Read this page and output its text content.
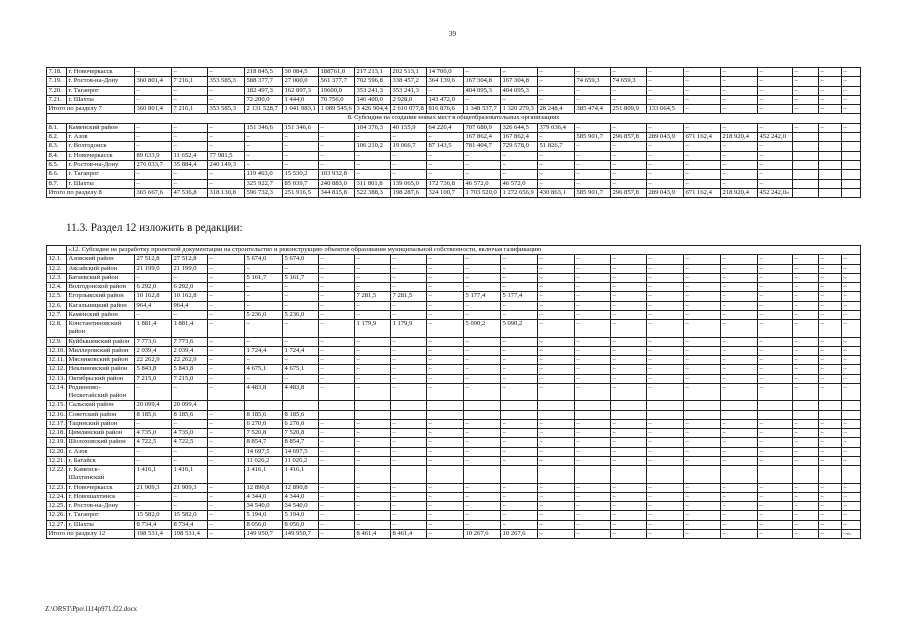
39
7.18.	г. Новочеркасск	–	–	–	218 845,5	30 084,5	188761,0	217 213,1	202 513,1	14 700,0	–	–	–	–	–	–	–	–	–	–	–	–
7.19.	г. Ростов-на-Дону	360 801,4	7 216,1	353 585,3	588 377,7	27 000,0	561 377,7	702 596,8	338 457,2	364 139,6	167 304,8	167 304,8	–	74 659,3	74 659,3	–	–	–	–	–	–	–
7.20.	г. Таганрог	–	–	–	182 497,3	162 897,3	19600,0	353 241,3	353 241,3	–	404 095,3	404 095,3	–	–	–	–	–	–	–	–	–	–
7.21.	г. Шахты	–	–	–	72 200,0	1 444,0	70 756,0	146 400,0	2 928,0	143 472,0	–	–	–	–	–	–	–	–	–	–	–	–
Итого по разделу 7		360 801,4	7 216,1	353 585,3	2 131 528,7	1 041 983,1	1 089 545,6	3 426 904,4	2 610 077,8	816 876,6	1 348 537,7	1 320 279,3	28 248,4	385 474,4	251 809,9	133 664,5	–	–	–	–	–	–
8. Субсидии на создание новых мест в общеобразовательных организациях																						
8.1.	Каменский район	–	–	–	151 346,6	151 346,6	–	104 376,3	40 155,9	64 220,4	707 680,9	326 644,5	379 036,4	–	–	–	–	–	–	–	–	–
8.2.	г. Азов	–	–	–	–	–	–	–	–	–	167 862,4	167 862,4	–	585 901,7	296 857,8	289 043,9	671 162,4	218 920,4	452 242,0			
8.3.	г. Волгодонск	–	–	–	–	–	–	106 210,2	19 066,7	87 143,5	781 404,7	729 578,0	51 826,7	–	–	–	–	–	–			
8.4.	г. Новочеркасск	89 633,9	11 652,4	77 981,5	–	–	–	–	–	–	–	–	–	–	–	–	–	–	–			
8.5.	г. Ростов-на-Дону	276 033,7	35 884,4	240 149,3	–	–	–	–	–	–	–	–	–	–	–	–	–	–	–			
8.6.	г. Таганрог	–	–	–	119 463,0	15 530,2	103 932,8	–	–	–	–	–	–	–	–	–	–	–	–			
8.7.	г. Шахты	–	–	–	325 922,7	85 039,7	240 883,0	311 801,8	139 065,0	172 736,8	46 572,0	46 572,0	–	–	–	–	–	–	–			
Итого по разделу 8		365 667,6	47 536,8	318 130,8	596 732,3	251 916,5	344 815,8	522 388,3	198 287,6	324 100,7	1 703 520,0	1 272 656,9	430 863,1	585 901,7	296 857,8	289 043,9	671 162,4	218 920,4	452 242,0»			
11.3. Раздел 12 изложить в редакции:
	«12. Субсидия на разработку проектной документации на строительство и реконструкцию объектов образования муниципальной собственности, включая газификацию																					
12.1.	Азовский район	27 512,8	27 512,8	–	5 674,0	5 674,0	–	–	–	–	–	–	–	–	–	–	–	–	–	–	–	–
12.2.	Аксайский район	21 199,0	21 199,0	–	–	–	–	–	–	–	–	–	–	–	–	–	–	–	–	–	–	–
12.3.	Багаевский район	–	–	–	5 161,7	5 161,7	–	–	–	–	–	–	–	–	–	–	–	–	–	–	–	–
12.4.	Волгодонской район	6 292,0	6 292,0	–	–	–	–	–	–	–	–	–	–	–	–	–	–	–	–	–	–	–
12.5.	Егорлыкский район	10 162,8	10 162,8	–	–	–	–	7 281,5	7 281,5	–	5 177,4	5 177,4	–	–	–	–	–	–	–	–	–	–
12.6.	Кагальницкий район	964,4	964,4	–	–	–	–	–	–	–	–	–	–	–	–	–	–	–	–	–	–	–
12.7.	Каменский район	–	–	–	5 236,0	5 236,0	–	–	–	–	–	–	–	–	–	–	–	–	–	–	–	–
12.8.	Константиновский район	1 881,4	1 881,4	–	–	–	–	1 179,9	1 179,9	–	5 090,2	5 090,2	–	–	–	–	–	–	–	–	–	–
12.9.	Куйбышевский район	7 773,6	7 773,6	–	–	–	–	–	–	–	–	–	–	–	–	–	–	–	–	–	–	–
12.10.	Миллеровский район	2 039,4	2 039,4	–	1 724,4	1 724,4	–	–	–	–	–	–	–	–	–	–	–	–	–	–	–	–
12.11.	Мясниковский район	22 262,9	22 262,9	–	–	–	–	–	–	–	–	–	–	–	–	–	–	–	–	–	–	–
12.12.	Неклиновский район	5 843,8	5 843,8	–	4 675,1	4 675,1	–	–	–	–	–	–	–	–	–	–	–	–	–	–	–	–
12.13.	Октябрьский район	7 215,0	7 215,0	–	–	–	–	–	–	–	–	–	–	–	–	–	–	–	–	–	–	–
12.14.	Родионово-Несветайский район	–	–	–	4 483,8	4 483,8	–	–	–	–	–	–	–	–	–	–	–	–	–	–	–	–
12.15.	Сальский район	20 099,4	20 099,4																			
12.16.	Советский район	8 185,6	8 185,6	–	8 185,6	8 185,6																
12.17.	Тацинский район	–	–	–	6 270,0	6 270,0	–	–	–	–	–	–	–	–	–	–	–	–	–	–	–	–
12.18.	Цимлянский район	4 735,0	4 735,0	–	7 520,8	7 520,8	–	–	–	–	–	–	–	–	–	–	–	–	–	–	–	–
12.19.	Шолоховский район	4 722,5	4 722,5	–	8 854,7	8 854,7	–	–	–	–	–	–	–	–	–	–	–	–	–	–	–	–
12.20.	г. Азов	–	–	–	14 697,5	14 697,5	–	–	–	–	–	–	–	–	–	–	–	–	–	–	–	–
12.21.	г. Батайск	–	–	–	11 026,2	11 026,2	–	–	–	–	–	–	–	–	–	–	–	–	–	–	–	–
12.22.	г. Каменск-Шахтинский	1 416,1	1 416,1		1 416,1	1 416,1																
12.23.	г. Новочеркасск	21 909,3	21 909,3	–	12 890,8	12 890,8	–	–	–	–	–	–	–	–	–	–	–	–	–	–	–	–
12.24.	г. Новошахтинск	–	–	–	4 344,0	4 344,0	–	–	–	–	–	–	–	–	–	–	–	–	–	–	–	–
12.25.	г. Ростов-на-Дону	–	–	–	34 540,0	34 540,0	–	–	–	–	–	–	–	–	–	–	–	–	–	–	–	–
12.26.	г. Таганрог	15 582,0	15 582,0	–	5 194,0	5 194,0	–	–	–	–	–	–	–	–	–	–	–	–	–	–	–	–
12.27.	г. Шахты	8 734,4	8 734,4	–	8 056,0	8 056,0	–	–	–	–	–	–	–	–	–	–	–	–	–	–	–	–
Итого по разделу 12		198 531,4	198 531,4	–	149 950,7	149 950,7	–	8 461,4	8 461,4	–	10 267,6	10 267,6	–	–	–	–	–	–	–	–	–	–».
Z:\ORST\Ppo\1114p971.f22.docx
